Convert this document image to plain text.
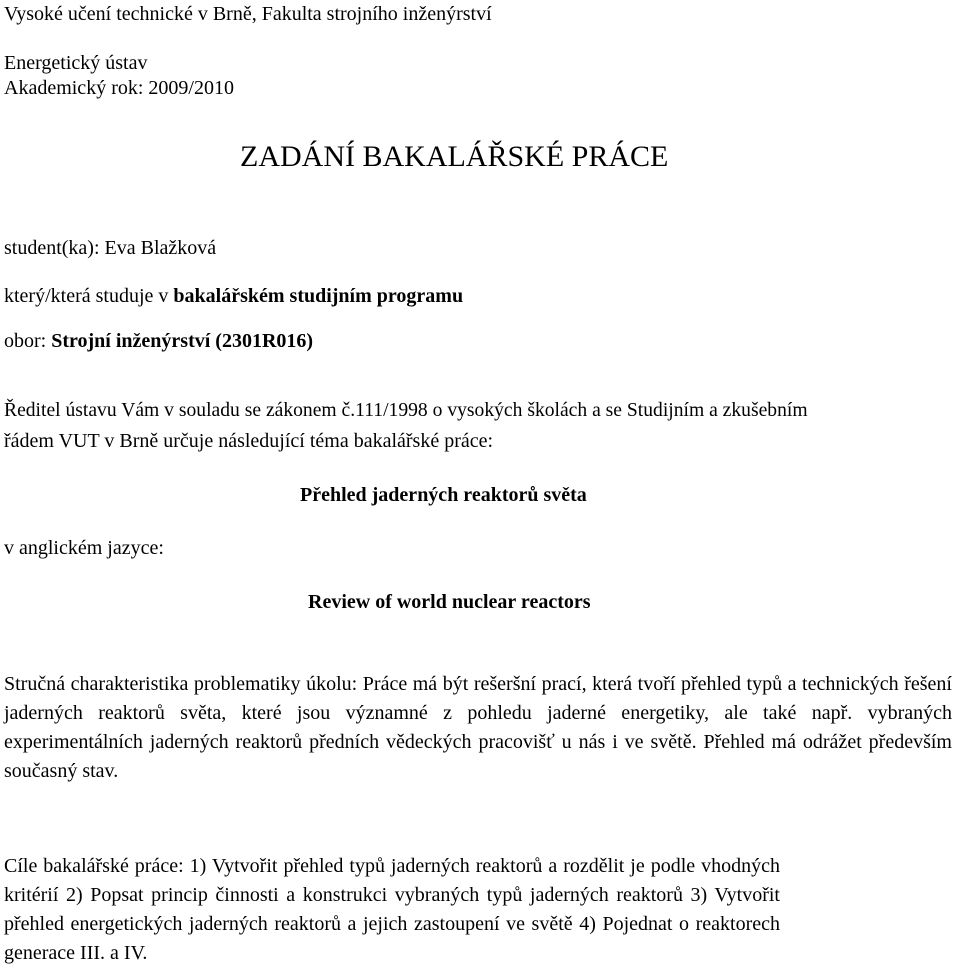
Vysoké učení technické v Brně, Fakulta strojního inženýrství
Energetický ústav
Akademický rok: 2009/2010
ZADÁNÍ BAKALÁŘSKÉ PRÁCE
student(ka): Eva Blažková
který/která studuje v bakalářském studijním programu
obor: Strojní inženýrství (2301R016)
Ředitel ústavu Vám v souladu se zákonem č.111/1998 o vysokých školách a se Studijním a zkušebním
řádem VUT v Brně určuje následující téma bakalářské práce:
Přehled jaderných reaktorů světa
v anglickém jazyce:
Review of world nuclear reactors
Stručná charakteristika problematiky úkolu: Práce má být rešeršní prací, která tvoří přehled typů a technických řešení jaderných reaktorů světa, které jsou významné z pohledu jaderné energetiky, ale také např. vybraných experimentálních jaderných reaktorů předních vědeckých pracovišť u nás i ve světě. Přehled má odrážet především současný stav.
Cíle bakalářské práce: 1) Vytvořit přehled typů jaderných reaktorů a rozdělit je podle vhodných kritérií 2) Popsat princip činnosti a konstrukci vybraných typů jaderných reaktorů 3) Vytvořit přehled energetických jaderných reaktorů a jejich zastoupení ve světě 4) Pojednat o reaktorech generace III. a IV.
